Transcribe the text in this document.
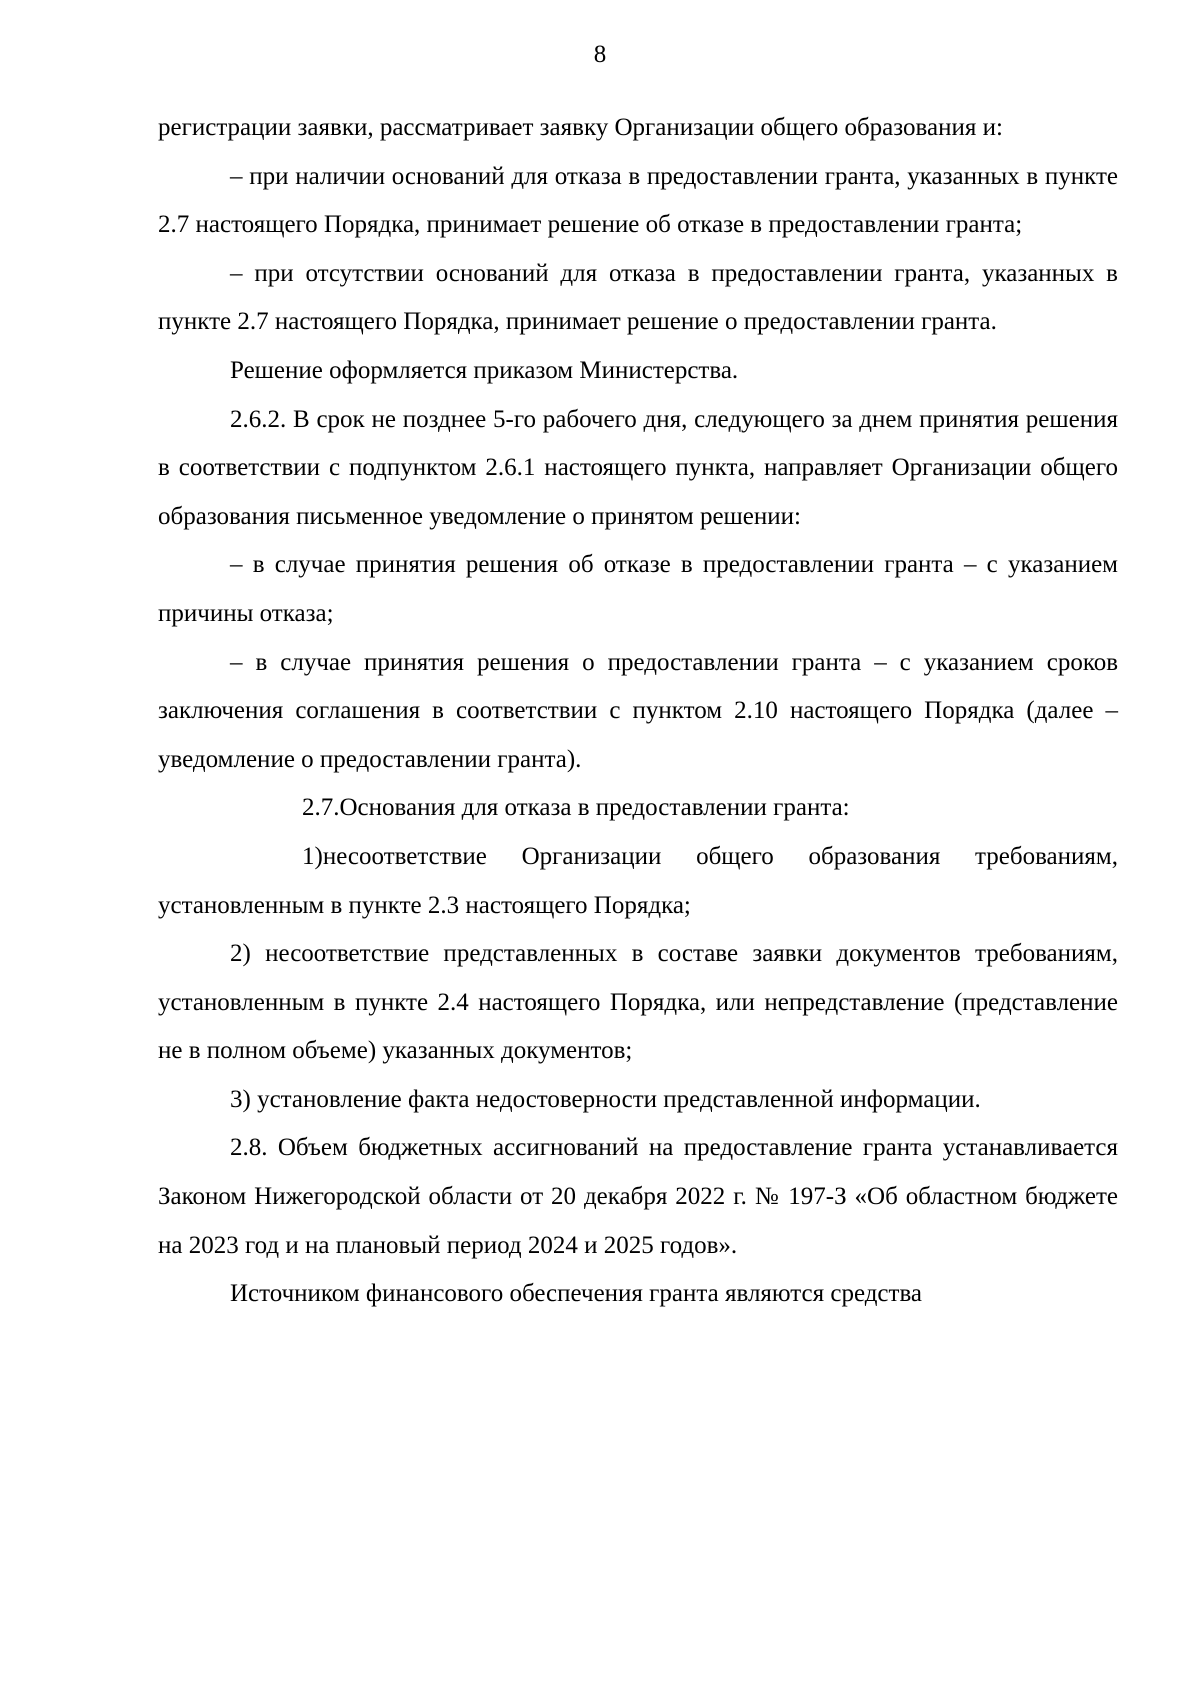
8

регистрации заявки, рассматривает заявку Организации общего образования и:

– при наличии оснований для отказа в предоставлении гранта, указанных в пункте 2.7 настоящего Порядка, принимает решение об отказе в предоставлении гранта;

– при отсутствии оснований для отказа в предоставлении гранта, указанных в пункте 2.7 настоящего Порядка, принимает решение о предоставлении гранта.

Решение оформляется приказом Министерства.

2.6.2. В срок не позднее 5-го рабочего дня, следующего за днем принятия решения в соответствии с подпунктом 2.6.1 настоящего пункта, направляет Организации общего образования письменное уведомление о принятом решении:

– в случае принятия решения об отказе в предоставлении гранта – с указанием причины отказа;

– в случае принятия решения о предоставлении гранта – с указанием сроков заключения соглашения в соответствии с пунктом 2.10 настоящего Порядка (далее – уведомление о предоставлении гранта).

2.7.Основания для отказа в предоставлении гранта:

1)несоответствие Организации общего образования требованиям, установленным в пункте 2.3 настоящего Порядка;

2) несоответствие представленных в составе заявки документов требованиям, установленным в пункте 2.4 настоящего Порядка, или непредставление (представление не в полном объеме) указанных документов;

3) установление факта недостоверности представленной информации.

2.8. Объем бюджетных ассигнований на предоставление гранта устанавливается Законом Нижегородской области от 20 декабря 2022 г. № 197-З «Об областном бюджете на 2023 год и на плановый период 2024 и 2025 годов».

Источником финансового обеспечения гранта являются средства
